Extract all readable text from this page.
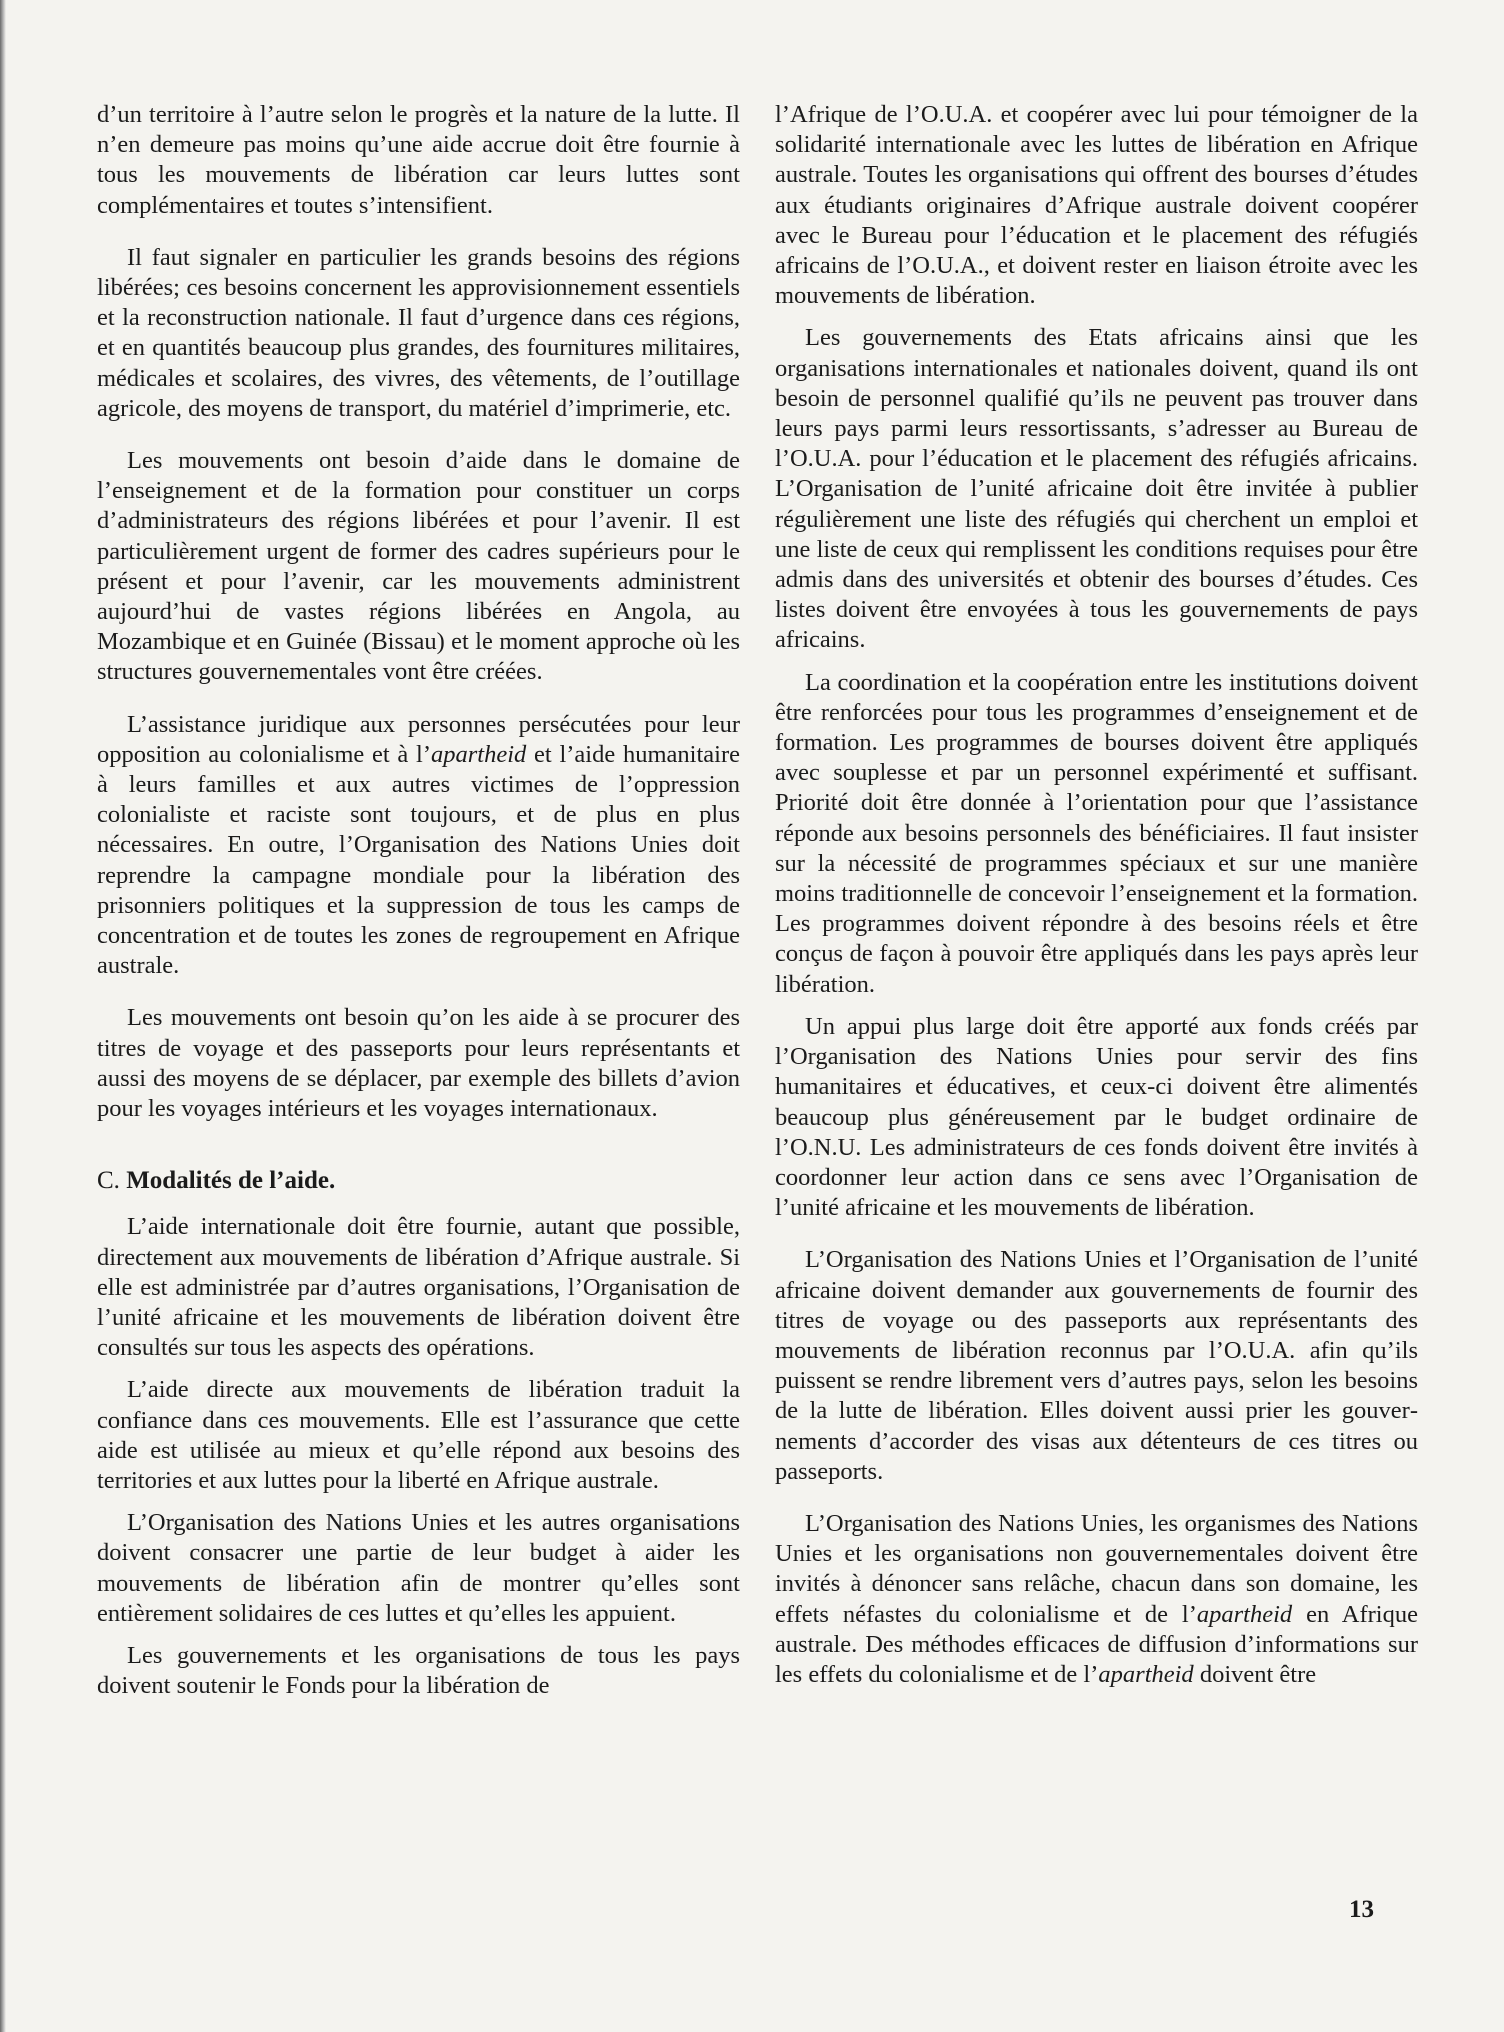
d’un territoire à l’autre selon le progrès et la nature de la lutte. Il n’en demeure pas moins qu’une aide accrue doit être fournie à tous les mouvements de libération car leurs luttes sont complémentaires et toutes s’intensifient.

Il faut signaler en particulier les grands besoins des régions libérées; ces besoins concernent les approvisionnement essentiels et la reconstruction nationale. Il faut d’urgence dans ces régions, et en quantités beaucoup plus grandes, des fournitures militaires, médicales et scolaires, des vivres, des vêtements, de l’outillage agricole, des moyens de transport, du matériel d’imprimerie, etc.

Les mouvements ont besoin d’aide dans le domaine de l’enseignement et de la formation pour constituer un corps d’administrateurs des régions libérées et pour l’avenir. Il est particulièrement urgent de former des cadres supérieurs pour le présent et pour l’avenir, car les mouvements administrent aujourd’hui de vastes régions libérées en Angola, au Mozambique et en Guinée (Bissau) et le moment approche où les structures gouvernementales vont être créées.

L’assistance juridique aux personnes persécutées pour leur opposition au colonialisme et à l’apartheid et l’aide humanitaire à leurs familles et aux autres victimes de l’oppression colonialiste et raciste sont toujours, et de plus en plus nécessaires. En outre, l’Organisation des Nations Unies doit reprendre la campagne mondiale pour la libération des prisonniers politiques et la suppression de tous les camps de concentration et de toutes les zones de regroupement en Afrique australe.

Les mouvements ont besoin qu’on les aide à se procurer des titres de voyage et des passeports pour leurs représentants et aussi des moyens de se déplacer, par exemple des billets d’avion pour les voyages intérieurs et les voyages internationaux.

C. Modalités de l’aide.

L’aide internationale doit être fournie, autant que possible, directement aux mouvements de libération d’Afrique australe. Si elle est administrée par d’autres organisations, l’Organisation de l’unité africaine et les mouvements de libération doivent être consultés sur tous les aspects des opérations.

L’aide directe aux mouvements de libération traduit la confiance dans ces mouvements. Elle est l’assurance que cette aide est utilisée au mieux et qu’elle répond aux besoins des territories et aux luttes pour la liberté en Afrique australe.

L’Organisation des Nations Unies et les autres organisations doivent consacrer une partie de leur budget à aider les mouvements de libération afin de montrer qu’elles sont entièrement solidaires de ces luttes et qu’elles les appuient.

Les gouvernements et les organisations de tous les pays doivent soutenir le Fonds pour la libération de

l’Afrique de l’O.U.A. et coopérer avec lui pour témoigner de la solidarité internationale avec les luttes de libération en Afrique australe. Toutes les organisations qui offrent des bourses d’études aux étudiants originaires d’Afrique australe doivent coopérer avec le Bureau pour l’éducation et le placement des réfugiés africains de l’O.U.A., et doivent rester en liaison étroite avec les mouvements de libération.

Les gouvernements des Etats africains ainsi que les organisations internationales et nationales doivent, quand ils ont besoin de personnel qualifié qu’ils ne peuvent pas trouver dans leurs pays parmi leurs ressortissants, s’adresser au Bureau de l’O.U.A. pour l’éducation et le placement des réfugiés africains. L’Organisation de l’unité africaine doit être invitée à publier régulièrement une liste des réfugiés qui cherchent un emploi et une liste de ceux qui remplissent les conditions requises pour être admis dans des universités et obtenir des bourses d’études. Ces listes doivent être envoyées à tous les gouvernements de pays africains.

La coordination et la coopération entre les institutions doivent être renforcées pour tous les programmes d’enseignement et de formation. Les programmes de bourses doivent être appliqués avec souplesse et par un personnel expérimenté et suffisant. Priorité doit être donnée à l’orientation pour que l’assistance réponde aux besoins personnels des bénéficiaires. Il faut insister sur la nécessité de programmes spéciaux et sur une manière moins traditionnelle de concevoir l’enseignement et la formation. Les programmes doivent répondre à des besoins réels et être conçus de façon à pouvoir être appliqués dans les pays après leur libération.

Un appui plus large doit être apporté aux fonds créés par l’Organisation des Nations Unies pour servir des fins humanitaires et éducatives, et ceux-ci doivent être alimentés beaucoup plus généreusement par le budget ordinaire de l’O.N.U. Les administrateurs de ces fonds doivent être invités à coordonner leur action dans ce sens avec l’Organisation de l’unité africaine et les mouvements de libération.

L’Organisation des Nations Unies et l’Organisation de l’unité africaine doivent demander aux gouvernements de fournir des titres de voyage ou des passeports aux représentants des mouvements de libération reconnus par l’O.U.A. afin qu’ils puissent se rendre librement vers d’autres pays, selon les besoins de la lutte de libération. Elles doivent aussi prier les gouvernements d’accorder des visas aux détenteurs de ces titres ou passeports.

L’Organisation des Nations Unies, les organismes des Nations Unies et les organisations non gouvernementales doivent être invités à dénoncer sans relâche, chacun dans son domaine, les effets néfastes du colonialisme et de l’apartheid en Afrique australe. Des méthodes efficaces de diffusion d’informations sur les effets du colonialisme et de l’apartheid doivent être

13
